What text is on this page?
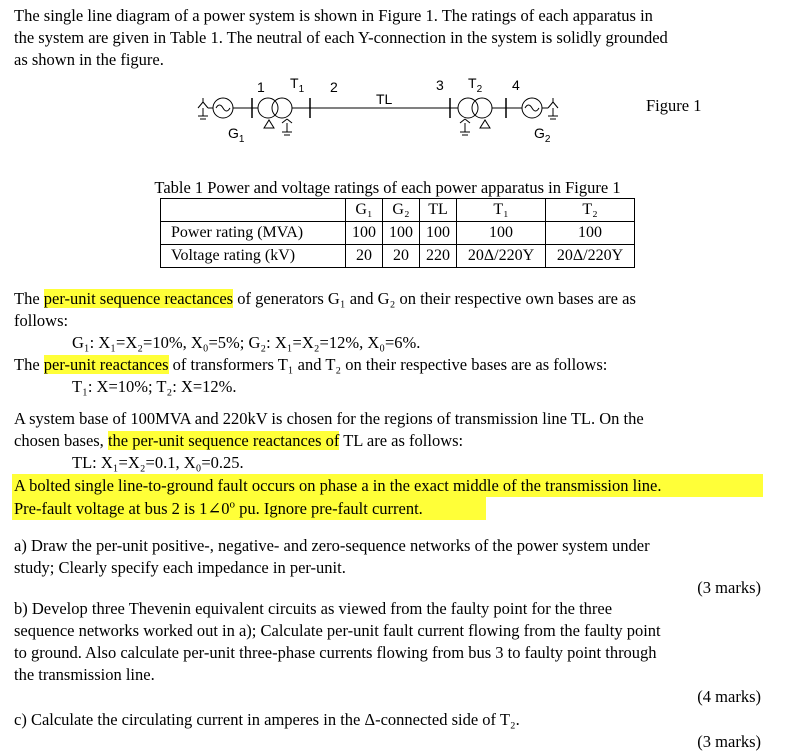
The single line diagram of a power system is shown in Figure 1. The ratings of each apparatus in
the system are given in Table 1. The neutral of each Y-connection in the system is solidly grounded
as shown in the figure.
1	2	3	4
$T_1$	$T_2$
TL
$G_1$	$G_2$
Figure 1
Table 1 Power and voltage ratings of each power apparatus in Figure 1
	G₁	G₂	TL	T₁	T₂
Power rating (MVA)	100	100	100	100	100
Voltage rating (kV)	20	20	220	20Δ/220Y	20Δ/220Y
The per-unit sequence reactances of generators G₁ and G₂ on their respective own bases are as
follows:
G₁: X₁=X₂=10%, X₀=5%; G₂: X₁=X₂=12%, X₀=6%.
The per-unit reactances of transformers T₁ and T₂ on their respective bases are as follows:
T₁: X=10%; T₂: X=12%.
A system base of 100MVA and 220kV is chosen for the regions of transmission line TL. On the
chosen bases, the per-unit sequence reactances of TL are as follows:
TL: X₁=X₂=0.1, X₀=0.25.
A bolted single line-to-ground fault occurs on phase a in the exact middle of the transmission line.
Pre-fault voltage at bus 2 is 1∠0$^o$ pu. Ignore pre-fault current.
a) Draw the per-unit positive-, negative- and zero-sequence networks of the power system under
study; Clearly specify each impedance in per-unit.
(3 marks)
b) Develop three Thevenin equivalent circuits as viewed from the faulty point for the three
sequence networks worked out in a); Calculate per-unit fault current flowing from the faulty point
to ground. Also calculate per-unit three-phase currents flowing from bus 3 to faulty point through
the transmission line.
(4 marks)
c) Calculate the circulating current in amperes in the Δ-connected side of T₂.
(3 marks)
